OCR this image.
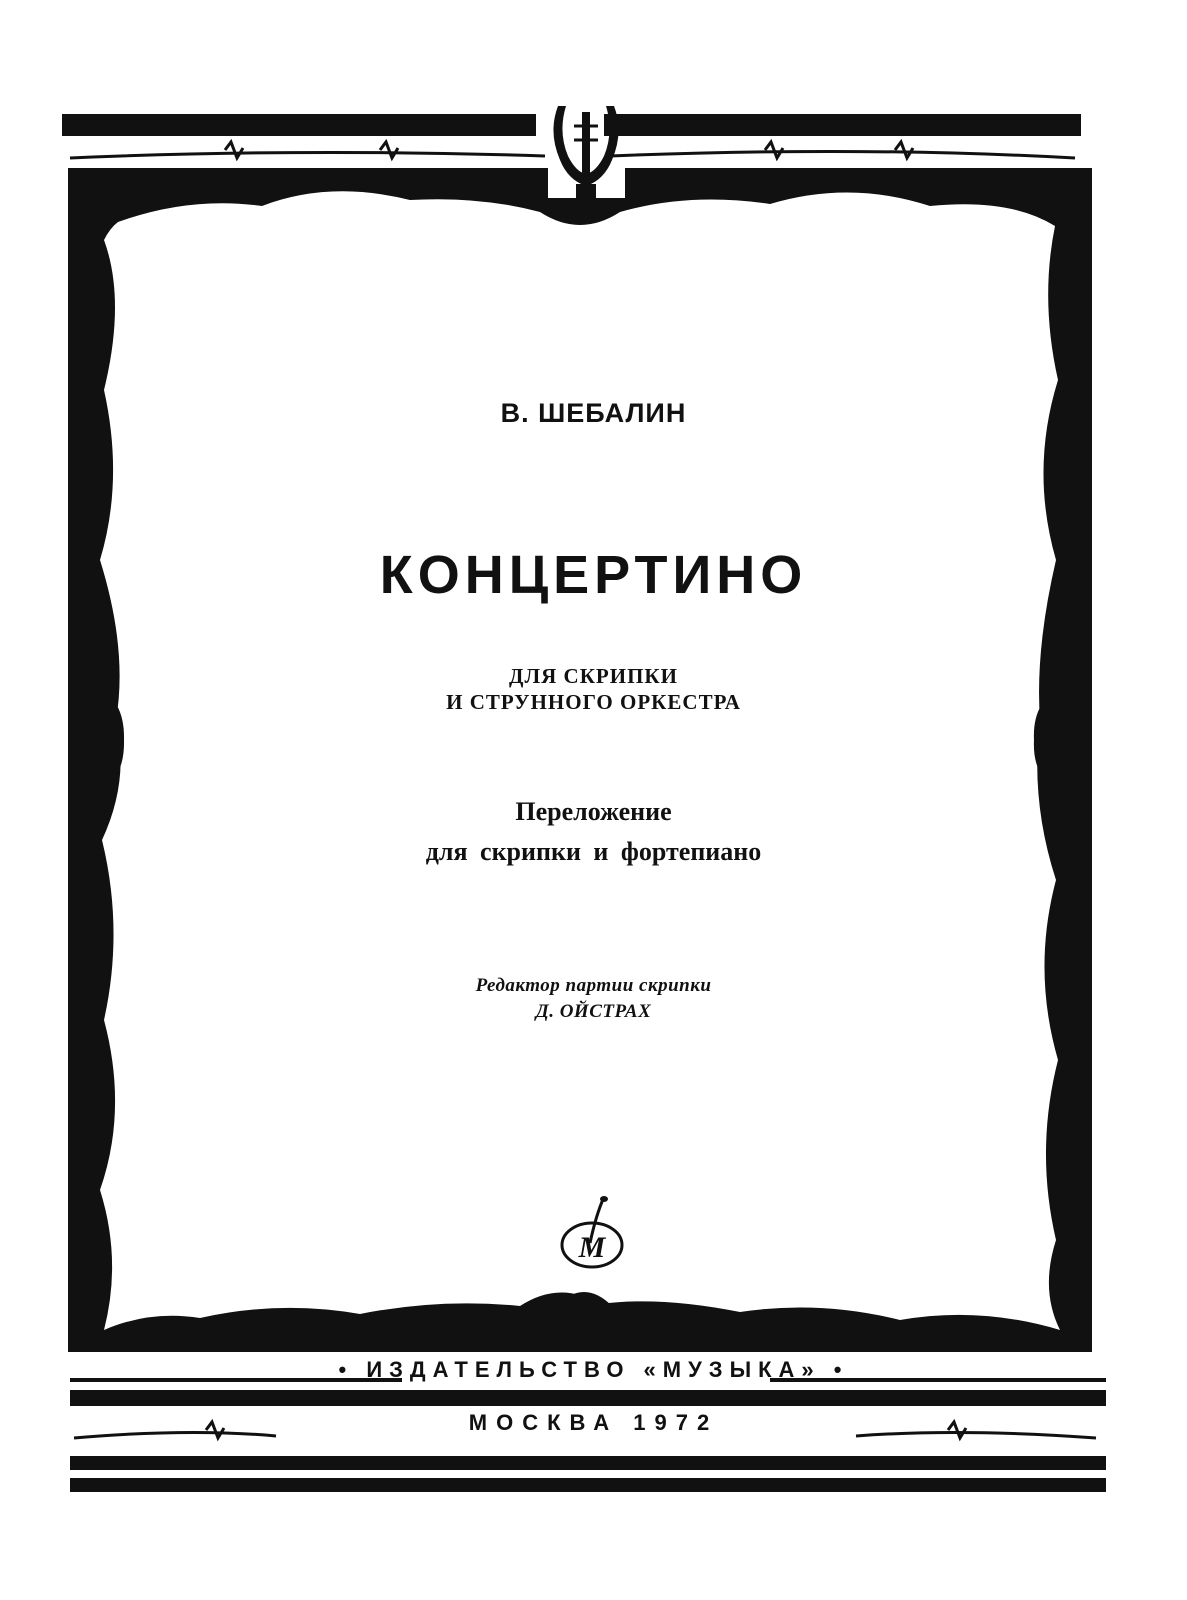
В. ШЕБАЛИН
КОНЦЕРТИНО
ДЛЯ СКРИПКИ
И СТРУННОГО ОРКЕСТРА
Переложение
для скрипки и фортепиано
Редактор партии скрипки
Д. ОЙСТРАХ
М
• ИЗДАТЕЛЬСТВО «МУЗЫКА» •
МОСКВА 1972
